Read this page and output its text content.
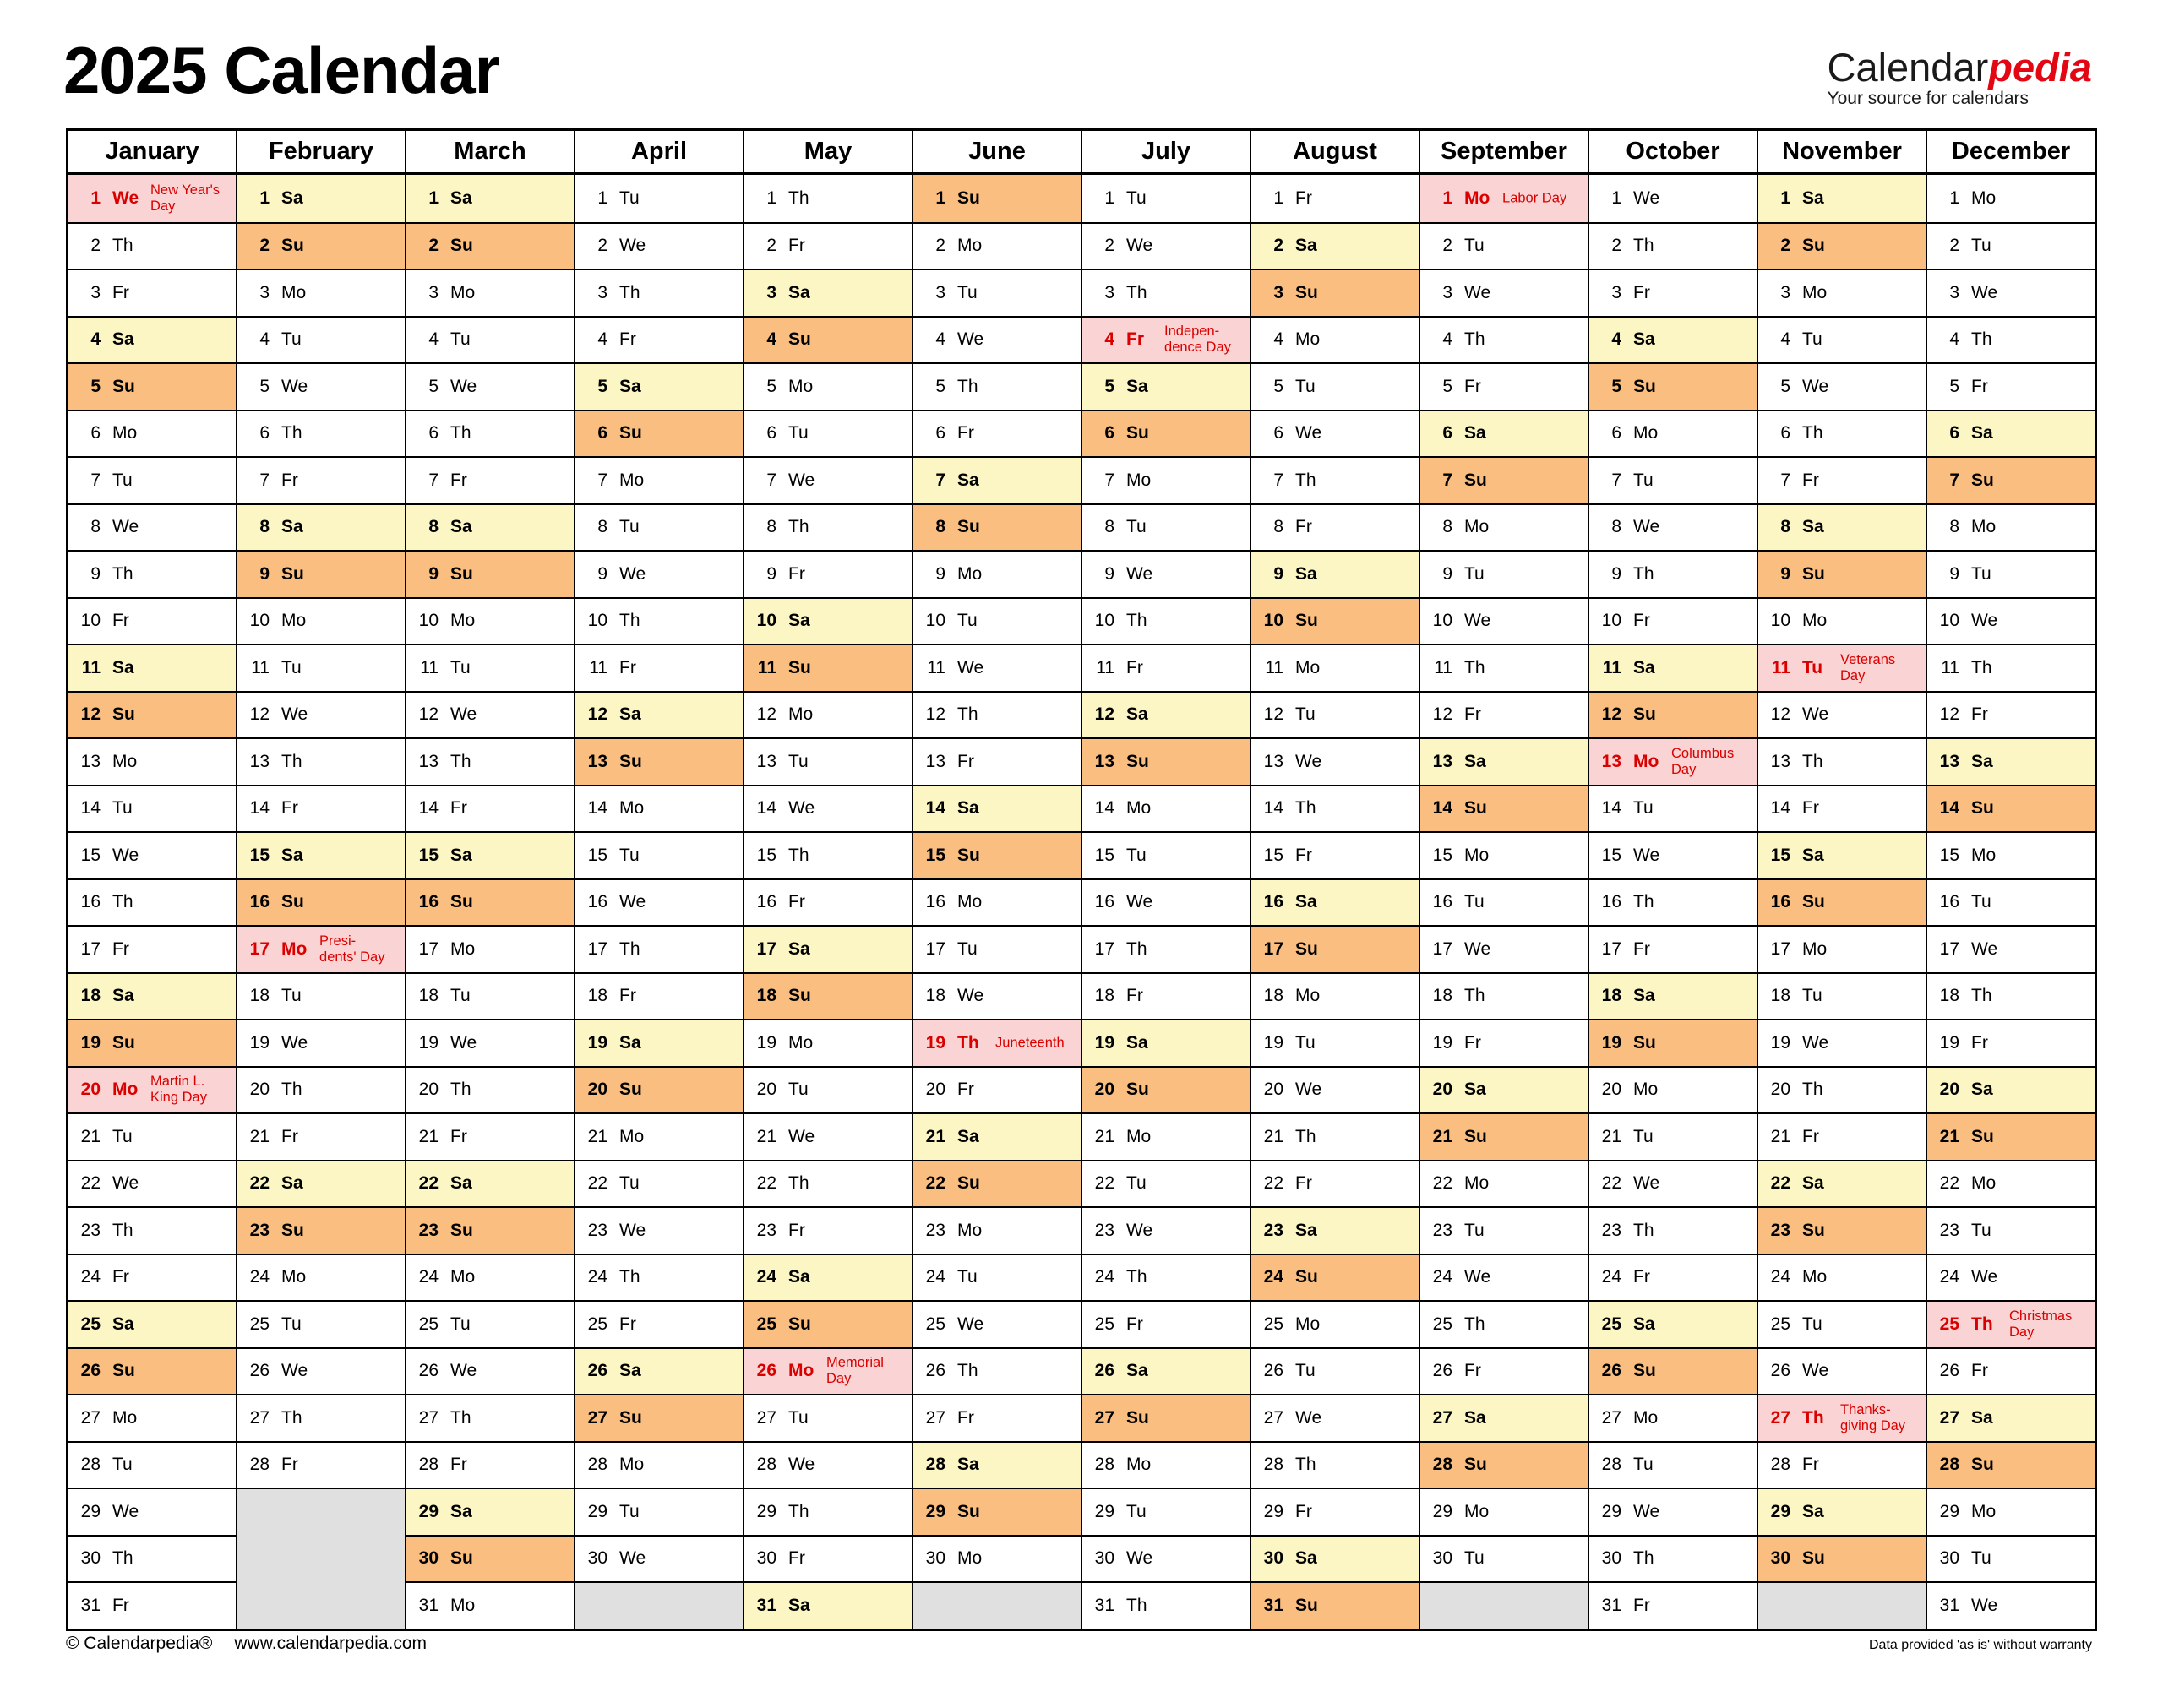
2025 Calendar	Calendarpedia
Your source for calendars
January
1 We New Year's
Day
2 Th
3 Fr
4 Sa
5 Su
6 Mo
7 Tu
8 We
9 Th
10 Fr
11 Sa
12 Su
13 Mo
14 Tu
15 We
16 Th
17 Fr
18 Sa
19 Su
20 Mo Martin L.
King Day
21 Tu
22 We
23 Th
24 Fr
25 Sa
26 Su
27 Mo
28 Tu
29 We
30 Th
31 Fr
February
1 Sa
2 Su
3 Mo
4 Tu
5 We
6 Th
7 Fr
8 Sa
9 Su
10 Mo
11 Tu
12 We
13 Th
14 Fr
15 Sa
16 Su
17 Mo Presi-
dents' Day
18 Tu
19 We
20 Th
21 Fr
22 Sa
23 Su
24 Mo
25 Tu
26 We
27 Th
28 Fr
March
1 Sa
2 Su
3 Mo
4 Tu
5 We
6 Th
7 Fr
8 Sa
9 Su
10 Mo
11 Tu
12 We
13 Th
14 Fr
15 Sa
16 Su
17 Mo
18 Tu
19 We
20 Th
21 Fr
22 Sa
23 Su
24 Mo
25 Tu
26 We
27 Th
28 Fr
29 Sa
30 Su
31 Mo
April
1 Tu
2 We
3 Th
4 Fr
5 Sa
6 Su
7 Mo
8 Tu
9 We
10 Th
11 Fr
12 Sa
13 Su
14 Mo
15 Tu
16 We
17 Th
18 Fr
19 Sa
20 Su
21 Mo
22 Tu
23 We
24 Th
25 Fr
26 Sa
27 Su
28 Mo
29 Tu
30 We
May
1 Th
2 Fr
3 Sa
4 Su
5 Mo
6 Tu
7 We
8 Th
9 Fr
10 Sa
11 Su
12 Mo
13 Tu
14 We
15 Th
16 Fr
17 Sa
18 Su
19 Mo
20 Tu
21 We
22 Th
23 Fr
24 Sa
25 Su
26 Mo Memorial
Day
27 Tu
28 We
29 Th
30 Fr
31 Sa
June
1 Su
2 Mo
3 Tu
4 We
5 Th
6 Fr
7 Sa
8 Su
9 Mo
10 Tu
11 We
12 Th
13 Fr
14 Sa
15 Su
16 Mo
17 Tu
18 We
19 Th Juneteenth
20 Fr
21 Sa
22 Su
23 Mo
24 Tu
25 We
26 Th
27 Fr
28 Sa
29 Su
30 Mo
July
1 Tu
2 We
3 Th
4 Fr Indepen-
dence Day
5 Sa
6 Su
7 Mo
8 Tu
9 We
10 Th
11 Fr
12 Sa
13 Su
14 Mo
15 Tu
16 We
17 Th
18 Fr
19 Sa
20 Su
21 Mo
22 Tu
23 We
24 Th
25 Fr
26 Sa
27 Su
28 Mo
29 Tu
30 We
31 Th
August
1 Fr
2 Sa
3 Su
4 Mo
5 Tu
6 We
7 Th
8 Fr
9 Sa
10 Su
11 Mo
12 Tu
13 We
14 Th
15 Fr
16 Sa
17 Su
18 Mo
19 Tu
20 We
21 Th
22 Fr
23 Sa
24 Su
25 Mo
26 Tu
27 We
28 Th
29 Fr
30 Sa
31 Su
September
1 Mo Labor Day
2 Tu
3 We
4 Th
5 Fr
6 Sa
7 Su
8 Mo
9 Tu
10 We
11 Th
12 Fr
13 Sa
14 Su
15 Mo
16 Tu
17 We
18 Th
19 Fr
20 Sa
21 Su
22 Mo
23 Tu
24 We
25 Th
26 Fr
27 Sa
28 Su
29 Mo
30 Tu
October
1 We
2 Th
3 Fr
4 Sa
5 Su
6 Mo
7 Tu
8 We
9 Th
10 Fr
11 Sa
12 Su
13 Mo Columbus
Day
14 Tu
15 We
16 Th
17 Fr
18 Sa
19 Su
20 Mo
21 Tu
22 We
23 Th
24 Fr
25 Sa
26 Su
27 Mo
28 Tu
29 We
30 Th
31 Fr
November
1 Sa
2 Su
3 Mo
4 Tu
5 We
6 Th
7 Fr
8 Sa
9 Su
10 Mo
11 Tu Veterans
Day
12 We
13 Th
14 Fr
15 Sa
16 Su
17 Mo
18 Tu
19 We
20 Th
21 Fr
22 Sa
23 Su
24 Mo
25 Tu
26 We
27 Th Thanks-
giving Day
28 Fr
29 Sa
30 Su
December
1 Mo
2 Tu
3 We
4 Th
5 Fr
6 Sa
7 Su
8 Mo
9 Tu
10 We
11 Th
12 Fr
13 Sa
14 Su
15 Mo
16 Tu
17 We
18 Th
19 Fr
20 Sa
21 Su
22 Mo
23 Tu
24 We
25 Th Christmas
Day
26 Fr
27 Sa
28 Su
29 Mo
30 Tu
31 We
© Calendarpedia® www.calendarpedia.com	Data provided 'as is' without warranty
